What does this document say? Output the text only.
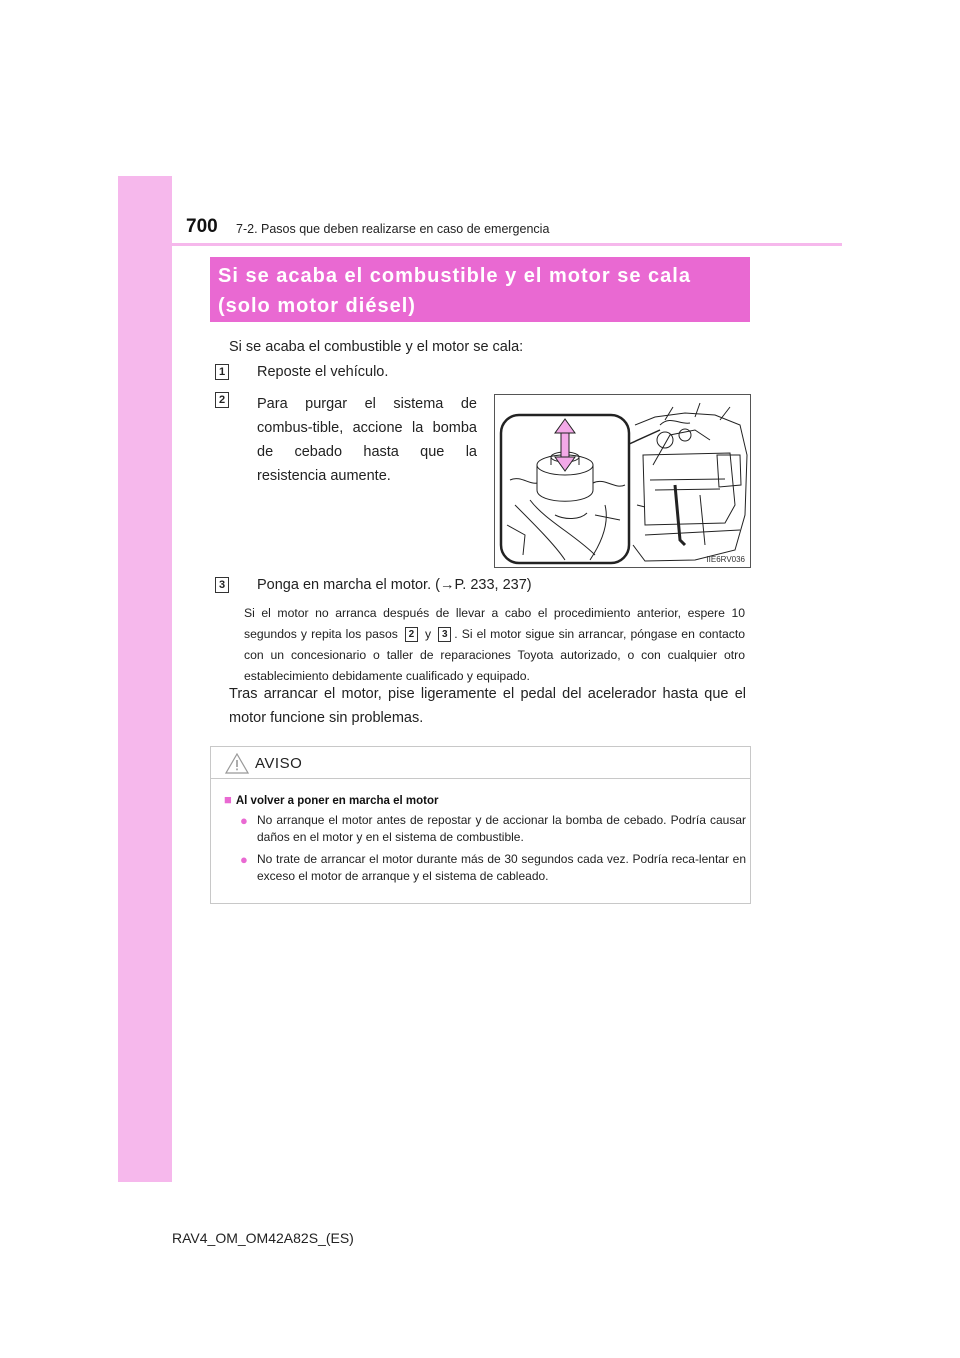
700 7-2. Pasos que deben realizarse en caso de emergencia
Si se acaba el combustible y el motor se cala
(solo motor diésel)
Si se acaba el combustible y el motor se cala:
1 Reposte el vehículo.
2 Para purgar el sistema de combus-tible, accione la bomba de cebado hasta que la resistencia aumente.
IIE6RV036
3 Ponga en marcha el motor. (→P. 233, 237)
Si el motor no arranca después de llevar a cabo el procedimiento anterior, espere 10 segundos y repita los pasos 2 y 3 . Si el motor sigue sin arrancar, póngase en contacto con un concesionario o taller de reparaciones Toyota autorizado, o con cualquier otro establecimiento debidamente cualificado y equipado.
Tras arrancar el motor, pise ligeramente el pedal del acelerador hasta que el motor funcione sin problemas.
AVISO
■ Al volver a poner en marcha el motor
● No arranque el motor antes de repostar y de accionar la bomba de cebado. Podría causar daños en el motor y en el sistema de combustible.
● No trate de arrancar el motor durante más de 30 segundos cada vez. Podría reca-lentar en exceso el motor de arranque y el sistema de cableado.
RAV4_OM_OM42A82S_(ES)
